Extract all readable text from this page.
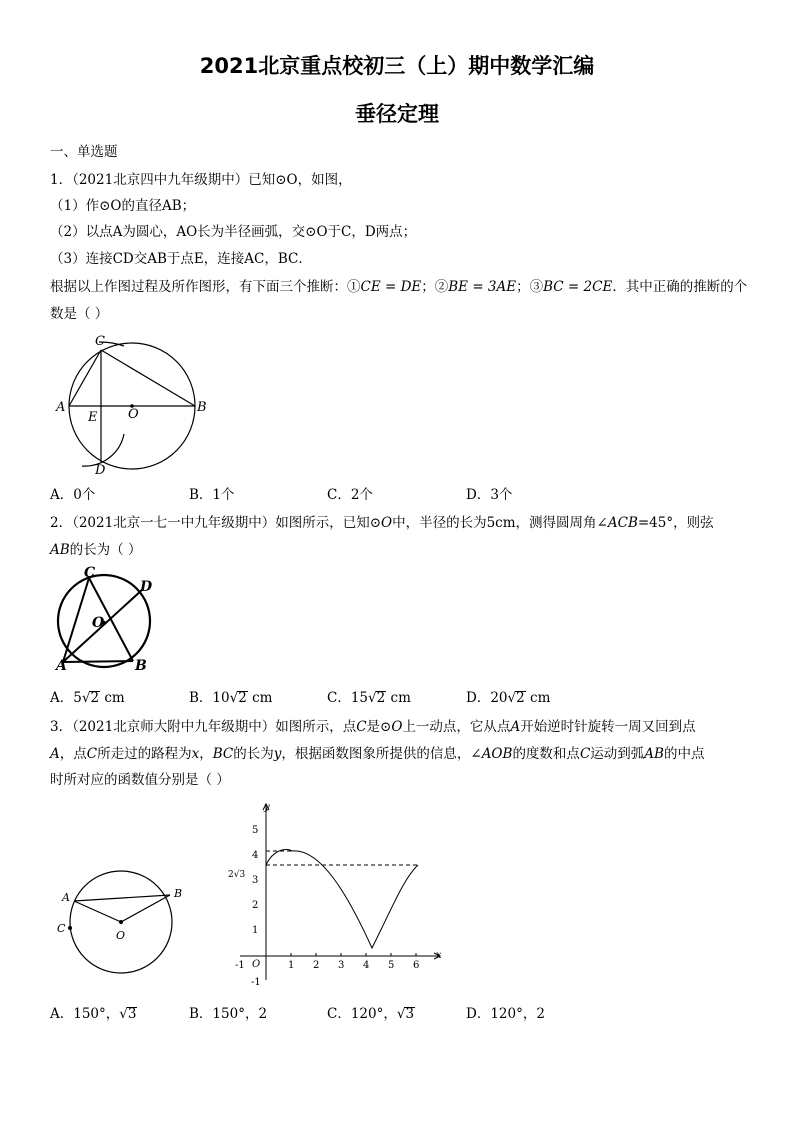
2021北京重点校初三（上）期中数学汇编
垂径定理
一、单选题
1．（2021北京四中九年级期中）已知⊙O，如图，
（1）作⊙O的直径AB；
（2）以点A为圆心，AO长为半径画弧，交⊙O于C，D两点；
（3）连接CD交AB于点E，连接AC，BC．
根据以上作图过程及所作图形，有下面三个推断：①CE = DE；②BE = 3AE；③BC = 2CE．其中正确的推断的个
数是（ ）
C
A
E O	B
D
A．0个	B．1个	C．2个	D．3个
2．（2021北京一七一中九年级期中）如图所示，已知⊙O中，半径的长为5cm，测得圆周角∠ACB=45°，则弦
AB的长为（ ）
C
D
O
A	B
A．5√2 cm	B．10√2 cm	C．15√2 cm	D．20√2 cm
3．（2021北京师大附中九年级期中）如图所示，点C是⊙O上一动点，它从点A开始逆时针旋转一周又回到点
A，点C所走过的路程为x，BC的长为y，根据函数图象所提供的信息，∠AOB的度数和点C运动到弧AB的中点
时所对应的函数值分别是（ ）
A	B
C
O
x
y
O
-1	1 2 3 4 5 6
5
4
3
2
1
-1
2√3
A．150°，√3	B．150°，2	C．120°，√3	D．120°，2
